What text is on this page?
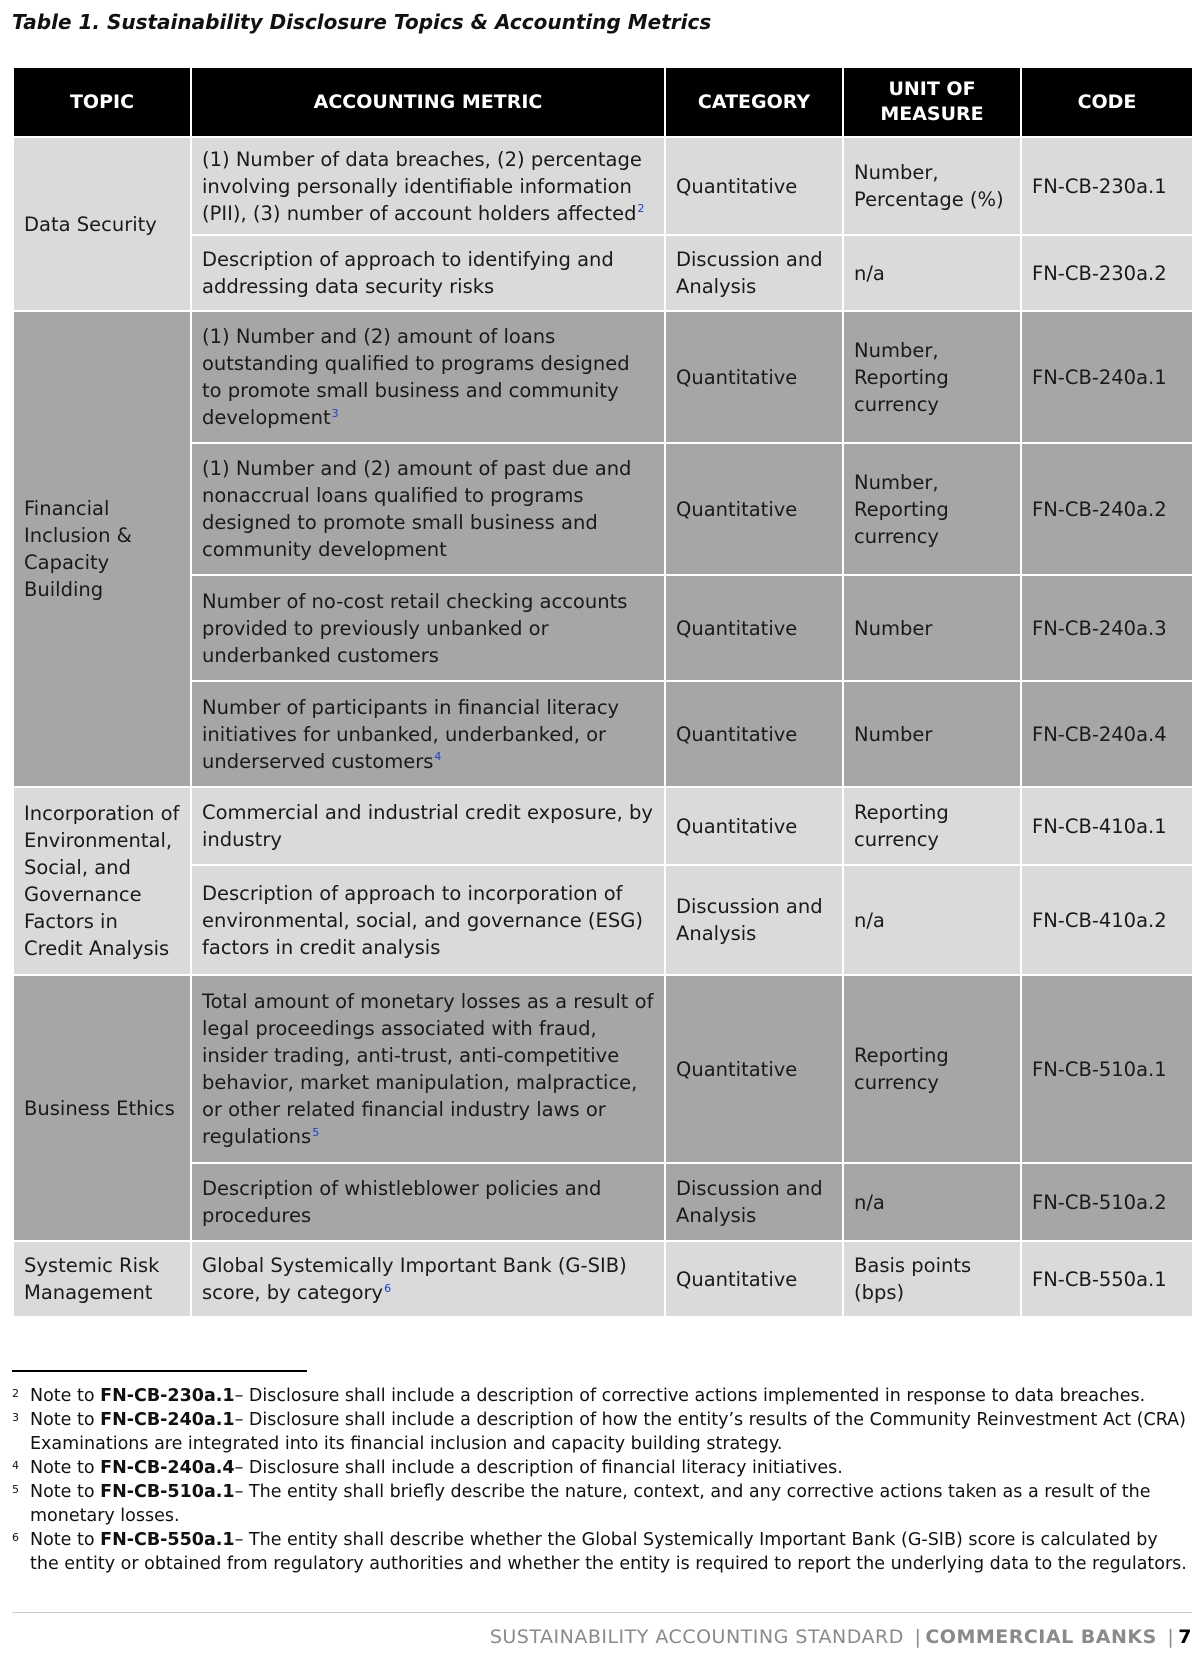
Table 1. Sustainability Disclosure Topics & Accounting Metrics
TOPIC	ACCOUNTING METRIC	CATEGORY	UNIT OF MEASURE	CODE
Data Security	(1) Number of data breaches, (2) percentage involving personally identifiable information (PII), (3) number of account holders affected$^2$	Quantitative	Number, Percentage (%)	FN-CB-230a.1
	Description of approach to identifying and addressing data security risks	Discussion and Analysis	n/a	FN-CB-230a.2
Financial Inclusion & Capacity Building	(1) Number and (2) amount of loans outstanding qualified to programs designed to promote small business and community development$^3$	Quantitative	Number, Reporting currency	FN-CB-240a.1
	(1) Number and (2) amount of past due and nonaccrual loans qualified to programs designed to promote small business and community development	Quantitative	Number, Reporting currency	FN-CB-240a.2
	Number of no-cost retail checking accounts provided to previously unbanked or underbanked customers	Quantitative	Number	FN-CB-240a.3
	Number of participants in financial literacy initiatives for unbanked, underbanked, or underserved customers$^4$	Quantitative	Number	FN-CB-240a.4
Incorporation of Environmental, Social, and Governance Factors in Credit Analysis	Commercial and industrial credit exposure, by industry	Quantitative	Reporting currency	FN-CB-410a.1
	Description of approach to incorporation of environmental, social, and governance (ESG) factors in credit analysis	Discussion and Analysis	n/a	FN-CB-410a.2
Business Ethics	Total amount of monetary losses as a result of legal proceedings associated with fraud, insider trading, anti-trust, anti-competitive behavior, market manipulation, malpractice, or other related financial industry laws or regulations$^5$	Quantitative	Reporting currency	FN-CB-510a.1
	Description of whistleblower policies and procedures	Discussion and Analysis	n/a	FN-CB-510a.2
Systemic Risk Management	Global Systemically Important Bank (G-SIB) score, by category$^6$	Quantitative	Basis points (bps)	FN-CB-550a.1
2 Note to FN-CB-230a.1– Disclosure shall include a description of corrective actions implemented in response to data breaches.
3 Note to FN-CB-240a.1– Disclosure shall include a description of how the entity’s results of the Community Reinvestment Act (CRA) Examinations are integrated into its financial inclusion and capacity building strategy.
4 Note to FN-CB-240a.4– Disclosure shall include a description of financial literacy initiatives.
5 Note to FN-CB-510a.1– The entity shall briefly describe the nature, context, and any corrective actions taken as a result of the monetary losses.
6 Note to FN-CB-550a.1– The entity shall describe whether the Global Systemically Important Bank (G-SIB) score is calculated by the entity or obtained from regulatory authorities and whether the entity is required to report the underlying data to the regulators.
SUSTAINABILITY ACCOUNTING STANDARD | COMMERCIAL BANKS | 7
